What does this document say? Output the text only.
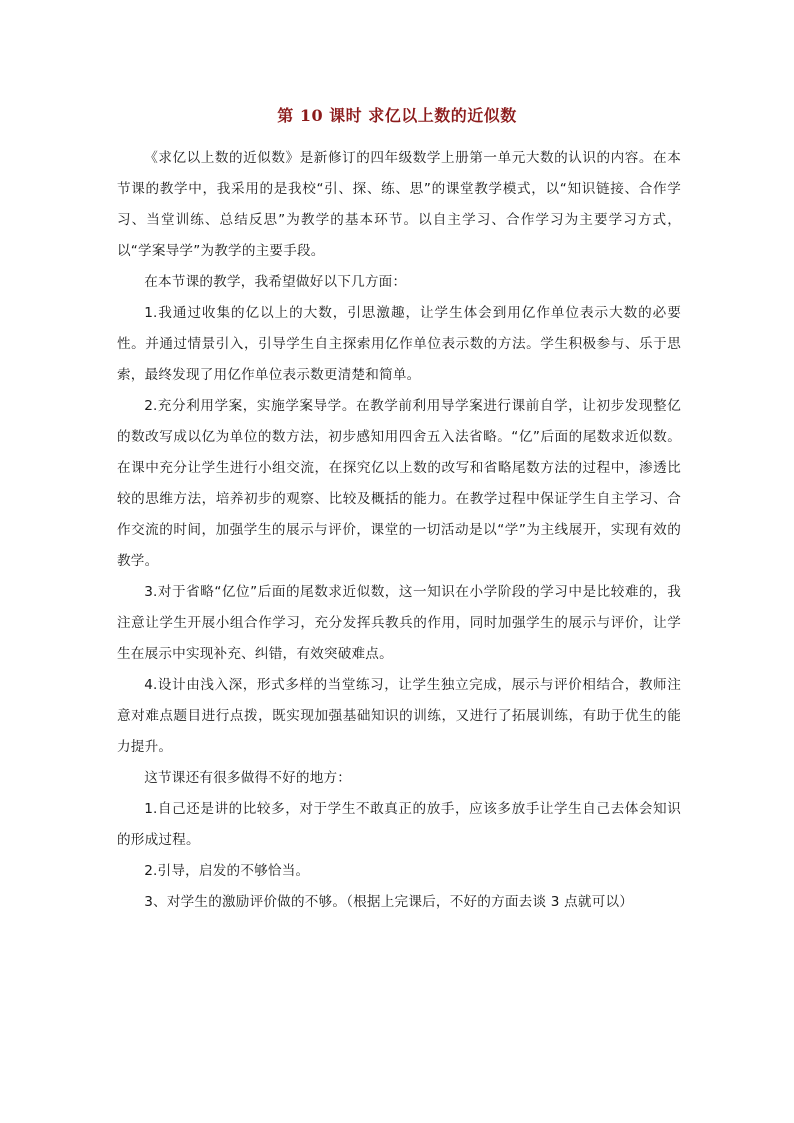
第 10 课时 求亿以上数的近似数

《求亿以上数的近似数》是新修订的四年级数学上册第一单元大数的认识的内容。在本节课的教学中，我采用的是我校“引、探、练、思”的课堂教学模式，以“知识链接、合作学习、当堂训练、总结反思”为教学的基本环节。以自主学习、合作学习为主要学习方式，以“学案导学”为教学的主要手段。

在本节课的教学，我希望做好以下几方面：

1.我通过收集的亿以上的大数，引思激趣，让学生体会到用亿作单位表示大数的必要性。并通过情景引入，引导学生自主探索用亿作单位表示数的方法。学生积极参与、乐于思索，最终发现了用亿作单位表示数更清楚和简单。

2.充分利用学案，实施学案导学。在教学前利用导学案进行课前自学，让初步发现整亿的数改写成以亿为单位的数方法，初步感知用四舍五入法省略。“亿”后面的尾数求近似数。在课中充分让学生进行小组交流，在探究亿以上数的改写和省略尾数方法的过程中，渗透比较的思维方法，培养初步的观察、比较及概括的能力。在教学过程中保证学生自主学习、合作交流的时间，加强学生的展示与评价，课堂的一切活动是以“学”为主线展开，实现有效的教学。

3.对于省略“亿位”后面的尾数求近似数，这一知识在小学阶段的学习中是比较难的，我注意让学生开展小组合作学习，充分发挥兵教兵的作用，同时加强学生的展示与评价，让学生在展示中实现补充、纠错，有效突破难点。

4.设计由浅入深，形式多样的当堂练习，让学生独立完成，展示与评价相结合，教师注意对难点题目进行点拨，既实现加强基础知识的训练，又进行了拓展训练，有助于优生的能力提升。

这节课还有很多做得不好的地方：

1.自己还是讲的比较多，对于学生不敢真正的放手，应该多放手让学生自己去体会知识的形成过程。

2.引导，启发的不够恰当。

3、对学生的激励评价做的不够。（根据上完课后，不好的方面去谈 3 点就可以）
